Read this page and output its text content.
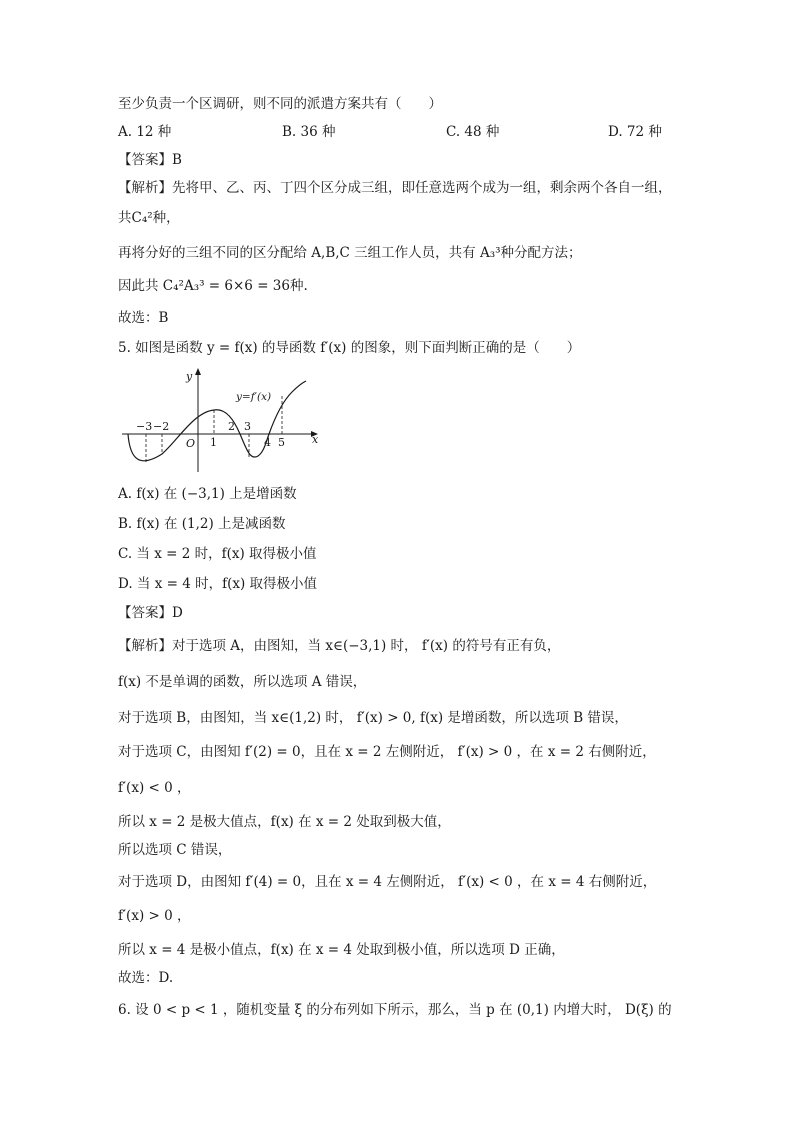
至少负责一个区调研，则不同的派遣方案共有（　　）
A. 12 种	B. 36 种	C. 48 种	D. 72 种
【答案】B
【解析】先将甲、乙、丙、丁四个区分成三组，即任意选两个成为一组，剩余两个各自一组，
共C₄²种，
再将分好的三组不同的区分配给 A,B,C 三组工作人员，共有 A₃³种分配方法；
因此共 C₄²A₃³ = 6×6 = 36种.
故选：B
5. 如图是函数 y = f(x) 的导函数 f′(x) 的图象，则下面判断正确的是（　　）
y
x
O
y=f′(x)
−3 −2
1
2 3
4 5
A. f(x) 在 (−3,1) 上是增函数
B. f(x) 在 (1,2) 上是减函数
C. 当 x = 2 时，f(x) 取得极小值
D. 当 x = 4 时，f(x) 取得极小值
【答案】D
【解析】对于选项 A，由图知，当 x∈(−3,1) 时， f′(x) 的符号有正有负，
f(x) 不是单调的函数，所以选项 A 错误，
对于选项 B，由图知，当 x∈(1,2) 时， f′(x) > 0, f(x) 是增函数，所以选项 B 错误，
对于选项 C，由图知 f′(2) = 0，且在 x = 2 左侧附近， f′(x) > 0 ，在 x = 2 右侧附近，
f′(x) < 0 ，
所以 x = 2 是极大值点，f(x) 在 x = 2 处取到极大值，
所以选项 C 错误，
对于选项 D，由图知 f′(4) = 0，且在 x = 4 左侧附近， f′(x) < 0 ，在 x = 4 右侧附近，
f′(x) > 0 ，
所以 x = 4 是极小值点，f(x) 在 x = 4 处取到极小值，所以选项 D 正确，
故选：D.
6. 设 0 < p < 1 ，随机变量 ξ 的分布列如下所示，那么，当 p 在 (0,1) 内增大时， D(ξ) 的
